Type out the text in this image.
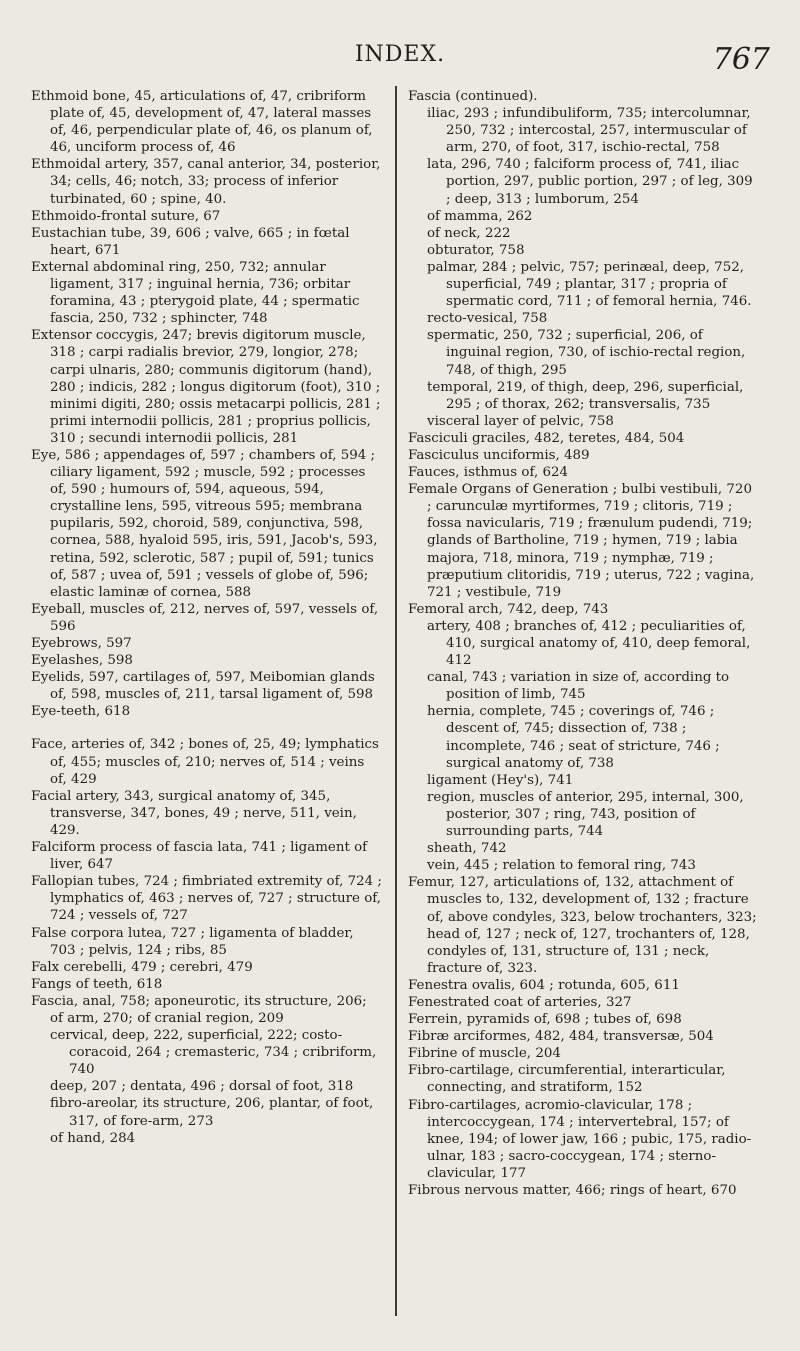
INDEX.	767

Ethmoid bone, 45, articulations of, 47, cribriform plate of, 45, development of, 47, lateral masses of, 46, perpendicular plate of, 46, os planum of, 46, unciform process of, 46

Ethmoidal artery, 357, canal anterior, 34, posterior, 34; cells, 46; notch, 33; process of inferior turbinated, 60 ; spine, 40.

Ethmoido-frontal suture, 67

Eustachian tube, 39, 606 ; valve, 665 ; in fœtal heart, 671

External abdominal ring, 250, 732; annular ligament, 317 ; inguinal hernia, 736; orbitar foramina, 43 ; pterygoid plate, 44 ; spermatic fascia, 250, 732 ; sphincter, 748

Extensor coccygis, 247; brevis digitorum muscle, 318 ; carpi radialis brevior, 279, longior, 278; carpi ulnaris, 280; communis digitorum (hand), 280 ; indicis, 282 ; longus digitorum (foot), 310 ; minimi digiti, 280; ossis metacarpi pollicis, 281 ; primi internodii pollicis, 281 ; proprius pollicis, 310 ; secundi internodii pollicis, 281

Eye, 586 ; appendages of, 597 ; chambers of, 594 ; ciliary ligament, 592 ; muscle, 592 ; processes of, 590 ; humours of, 594, aqueous, 594, crystalline lens, 595, vitreous 595; membrana pupilaris, 592, choroid, 589, conjunctiva, 598, cornea, 588, hyaloid 595, iris, 591, Jacob's, 593, retina, 592, sclerotic, 587 ; pupil of, 591; tunics of, 587 ; uvea of, 591 ; vessels of globe of, 596; elastic laminæ of cornea, 588

Eyeball, muscles of, 212, nerves of, 597, vessels of, 596

Eyebrows, 597

Eyelashes, 598

Eyelids, 597, cartilages of, 597, Meibomian glands of, 598, muscles of, 211, tarsal ligament of, 598

Eye-teeth, 618

Face, arteries of, 342 ; bones of, 25, 49; lymphatics of, 455; muscles of, 210; nerves of, 514 ; veins of, 429

Facial artery, 343, surgical anatomy of, 345, transverse, 347, bones, 49 ; nerve, 511, vein, 429.

Falciform process of fascia lata, 741 ; ligament of liver, 647

Fallopian tubes, 724 ; fimbriated extremity of, 724 ; lymphatics of, 463 ; nerves of, 727 ; structure of, 724 ; vessels of, 727

False corpora lutea, 727 ; ligamenta of bladder, 703 ; pelvis, 124 ; ribs, 85

Falx cerebelli, 479 ; cerebri, 479

Fangs of teeth, 618

Fascia, anal, 758; aponeurotic, its structure, 206; of arm, 270; of cranial region, 209

cervical, deep, 222, superficial, 222; costo-coracoid, 264 ; cremasteric, 734 ; cribriform, 740

deep, 207 ; dentata, 496 ; dorsal of foot, 318

fibro-areolar, its structure, 206, plantar, of foot, 317, of fore-arm, 273

of hand, 284

Fascia (continued).

iliac, 293 ; infundibuliform, 735; intercolumnar, 250, 732 ; intercostal, 257, intermuscular of arm, 270, of foot, 317, ischio-rectal, 758

lata, 296, 740 ; falciform process of, 741, iliac portion, 297, public portion, 297 ; of leg, 309 ; deep, 313 ; lumborum, 254

of mamma, 262

of neck, 222

obturator, 758

palmar, 284 ; pelvic, 757; perinæal, deep, 752, superficial, 749 ; plantar, 317 ; propria of spermatic cord, 711 ; of femoral hernia, 746.

recto-vesical, 758

spermatic, 250, 732 ; superficial, 206, of inguinal region, 730, of ischio-rectal region, 748, of thigh, 295

temporal, 219, of thigh, deep, 296, superficial, 295 ; of thorax, 262; transversalis, 735

visceral layer of pelvic, 758

Fasciculi graciles, 482, teretes, 484, 504

Fasciculus unciformis, 489

Fauces, isthmus of, 624

Female Organs of Generation ; bulbi vestibuli, 720 ; carunculæ myrtiformes, 719 ; clitoris, 719 ; fossa navicularis, 719 ; frænulum pudendi, 719; glands of Bartholine, 719 ; hymen, 719 ; labia majora, 718, minora, 719 ; nymphæ, 719 ; præputium clitoridis, 719 ; uterus, 722 ; vagina, 721 ; vestibule, 719

Femoral arch, 742, deep, 743

artery, 408 ; branches of, 412 ; peculiarities of, 410, surgical anatomy of, 410, deep femoral, 412

canal, 743 ; variation in size of, according to position of limb, 745

hernia, complete, 745 ; coverings of, 746 ; descent of, 745; dissection of, 738 ; incomplete, 746 ; seat of stricture, 746 ; surgical anatomy of, 738

ligament (Hey's), 741

region, muscles of anterior, 295, internal, 300, posterior, 307 ; ring, 743, position of surrounding parts, 744

sheath, 742

vein, 445 ; relation to femoral ring, 743

Femur, 127, articulations of, 132, attachment of muscles to, 132, development of, 132 ; fracture of, above condyles, 323, below trochanters, 323; head of, 127 ; neck of, 127, trochanters of, 128, condyles of, 131, structure of, 131 ; neck, fracture of, 323.

Fenestra ovalis, 604 ; rotunda, 605, 611

Fenestrated coat of arteries, 327

Ferrein, pyramids of, 698 ; tubes of, 698

Fibræ arciformes, 482, 484, transversæ, 504

Fibrine of muscle, 204

Fibro-cartilage, circumferential, interarticular, connecting, and stratiform, 152

Fibro-cartilages, acromio-clavicular, 178 ; intercoccygean, 174 ; intervertebral, 157; of knee, 194; of lower jaw, 166 ; pubic, 175, radio-ulnar, 183 ; sacro-coccygean, 174 ; sterno-clavicular, 177

Fibrous nervous matter, 466; rings of heart, 670
